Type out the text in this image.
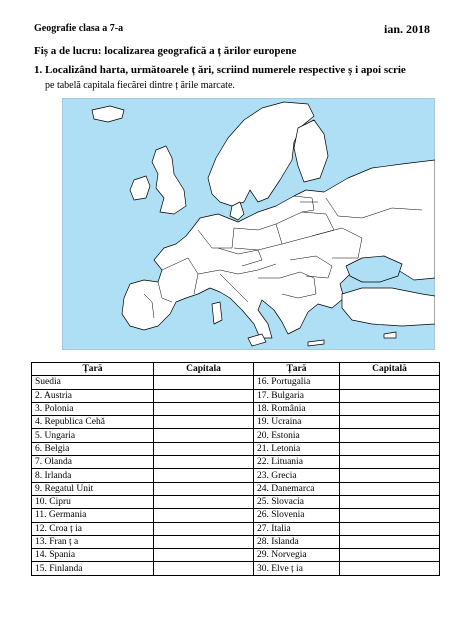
Geografie clasa a 7-a	ian. 2018
Fiș a de lucru: localizarea geografică a ț ărilor europene
1. Localizând harta, următoarele ț ări, scriind numerele respective ș i apoi scrie
pe tabelă capitala fiecărei dintre ț ările marcate.
Țară	Capitala	Țară	Capitală
Suedia		16. Portugalia	
2. Austria		17. Bulgaria	
3. Polonia		18. România	
4. Republica Cehă		19. Ucraina	
5. Ungaria		20. Estonia	
6. Belgia		21. Letonia	
7. Olanda		22. Lituania	
8. Irlanda		23. Grecia	
9. Regatul Unit		24. Danemarca	
10. Cipru		25. Slovacia	
11. Germania		26. Slovenia	
12. Croa ț ia		27. Italia	
13. Fran ț a		28. Islanda	
14. Spania		29. Norvegia	
15. Finlanda		30. Elve ț ia	
